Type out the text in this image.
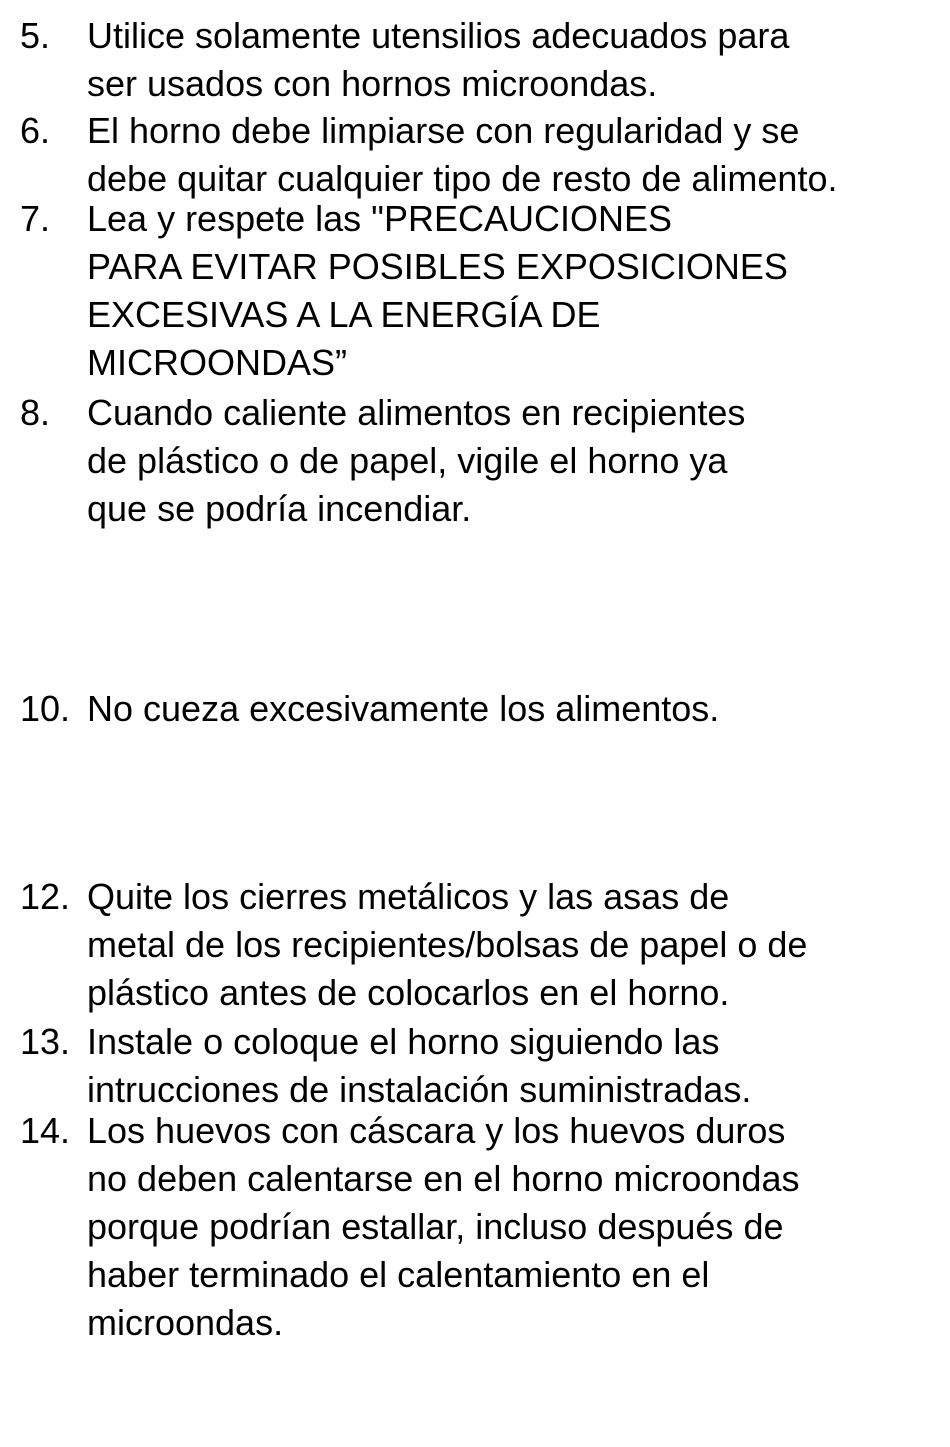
5. Utilice solamente utensilios adecuados para
ser usados con hornos microondas.
6. El horno debe limpiarse con regularidad y se
debe quitar cualquier tipo de resto de alimento.
7. Lea y respete las "PRECAUCIONES
PARA EVITAR POSIBLES EXPOSICIONES
EXCESIVAS A LA ENERGÍA DE
MICROONDAS”
8. Cuando caliente alimentos en recipientes
de plástico o de papel, vigile el horno ya
que se podría incendiar.
10. No cueza excesivamente los alimentos.
12. Quite los cierres metálicos y las asas de
metal de los recipientes/bolsas de papel o de
plástico antes de colocarlos en el horno.
13. Instale o coloque el horno siguiendo las
intrucciones de instalación suministradas.
14. Los huevos con cáscara y los huevos duros
no deben calentarse en el horno microondas
porque podrían estallar, incluso después de
haber terminado el calentamiento en el
microondas.
